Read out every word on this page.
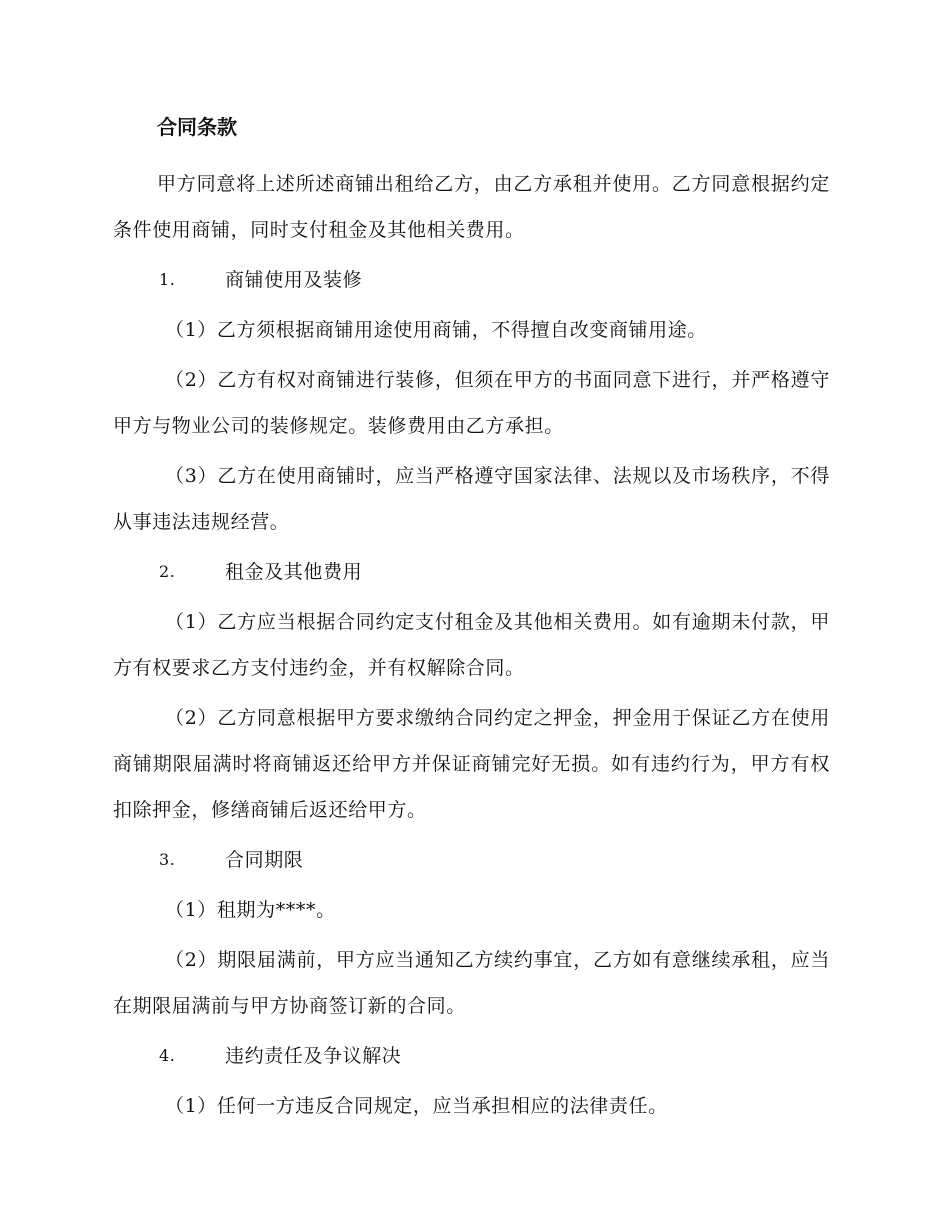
合同条款

甲方同意将上述所述商铺出租给乙方，由乙方承租并使用。乙方同意根据约定条件使用商铺，同时支付租金及其他相关费用。

1.	商铺使用及装修

（1）乙方须根据商铺用途使用商铺，不得擅自改变商铺用途。

（2）乙方有权对商铺进行装修，但须在甲方的书面同意下进行，并严格遵守甲方与物业公司的装修规定。装修费用由乙方承担。

（3）乙方在使用商铺时，应当严格遵守国家法律、法规以及市场秩序，不得从事违法违规经营。

2.	租金及其他费用

（1）乙方应当根据合同约定支付租金及其他相关费用。如有逾期未付款，甲方有权要求乙方支付违约金，并有权解除合同。

（2）乙方同意根据甲方要求缴纳合同约定之押金，押金用于保证乙方在使用商铺期限届满时将商铺返还给甲方并保证商铺完好无损。如有违约行为，甲方有权扣除押金，修缮商铺后返还给甲方。

3.	合同期限

（1）租期为****。

（2）期限届满前，甲方应当通知乙方续约事宜，乙方如有意继续承租，应当在期限届满前与甲方协商签订新的合同。

4.	违约责任及争议解决

（1）任何一方违反合同规定，应当承担相应的法律责任。
